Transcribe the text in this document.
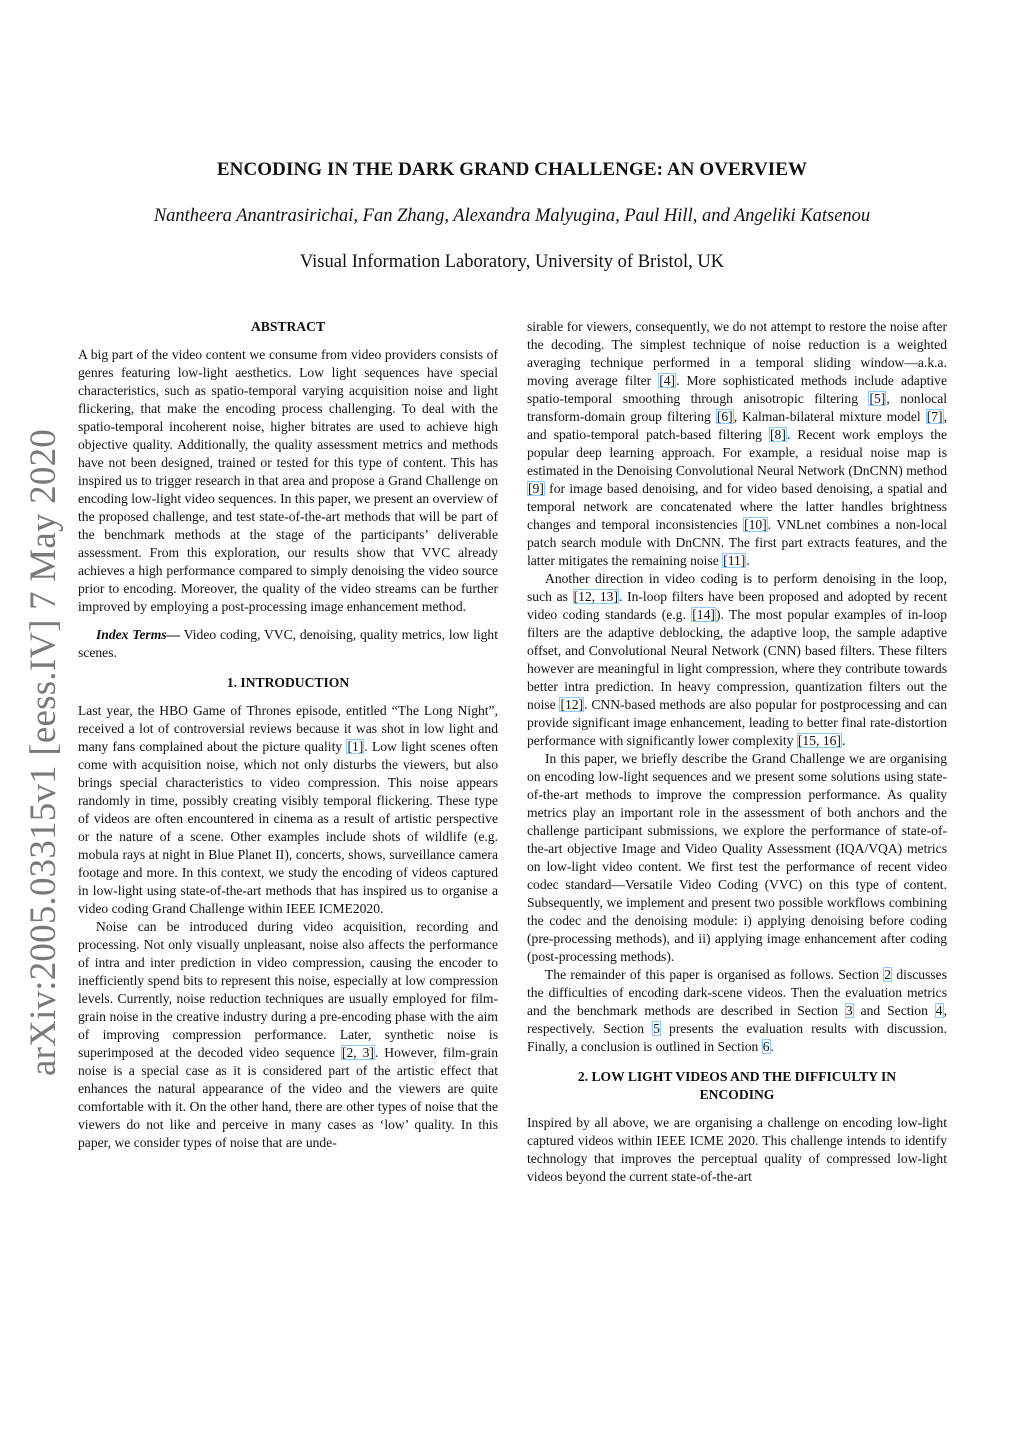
arXiv:2005.03315v1 [eess.IV] 7 May 2020
ENCODING IN THE DARK GRAND CHALLENGE: AN OVERVIEW
Nantheera Anantrasirichai, Fan Zhang, Alexandra Malyugina, Paul Hill, and Angeliki Katsenou
Visual Information Laboratory, University of Bristol, UK
ABSTRACT

A big part of the video content we consume from video providers consists of genres featuring low-light aesthetics. Low light sequences have special characteristics, such as spatio-temporal varying acquisition noise and light flickering, that make the encoding process challenging. To deal with the spatio-temporal incoherent noise, higher bitrates are used to achieve high objective quality. Additionally, the quality assessment metrics and methods have not been designed, trained or tested for this type of content. This has inspired us to trigger research in that area and propose a Grand Challenge on encoding low-light video sequences. In this paper, we present an overview of the proposed challenge, and test state-of-the-art methods that will be part of the benchmark methods at the stage of the participants’ deliverable assessment. From this exploration, our results show that VVC already achieves a high performance compared to simply denoising the video source prior to encoding. Moreover, the quality of the video streams can be further improved by employing a post-processing image enhancement method.

Index Terms— Video coding, VVC, denoising, quality metrics, low light scenes.

1. INTRODUCTION

Last year, the HBO Game of Thrones episode, entitled “The Long Night”, received a lot of controversial reviews because it was shot in low light and many fans complained about the picture quality [1]. Low light scenes often come with acquisition noise, which not only disturbs the viewers, but also brings special characteristics to video compression. This noise appears randomly in time, possibly creating visibly temporal flickering. These type of videos are often encountered in cinema as a result of artistic perspective or the nature of a scene. Other examples include shots of wildlife (e.g. mobula rays at night in Blue Planet II), concerts, shows, surveillance camera footage and more. In this context, we study the encoding of videos captured in low-light using state-of-the-art methods that has inspired us to organise a video coding Grand Challenge within IEEE ICME2020.

Noise can be introduced during video acquisition, recording and processing. Not only visually unpleasant, noise also affects the performance of intra and inter prediction in video compression, causing the encoder to inefficiently spend bits to represent this noise, especially at low compression levels. Currently, noise reduction techniques are usually employed for film-grain noise in the creative industry during a pre-encoding phase with the aim of improving compression performance. Later, synthetic noise is superimposed at the decoded video sequence [2, 3]. However, film-grain noise is a special case as it is considered part of the artistic effect that enhances the natural appearance of the video and the viewers are quite comfortable with it. On the other hand, there are other types of noise that the viewers do not like and perceive in many cases as ‘low’ quality. In this paper, we consider types of noise that are unde-

sirable for viewers, consequently, we do not attempt to restore the noise after the decoding. The simplest technique of noise reduction is a weighted averaging technique performed in a temporal sliding window—a.k.a. moving average filter [4]. More sophisticated methods include adaptive spatio-temporal smoothing through anisotropic filtering [5], nonlocal transform-domain group filtering [6], Kalman-bilateral mixture model [7], and spatio-temporal patch-based filtering [8]. Recent work employs the popular deep learning approach. For example, a residual noise map is estimated in the Denoising Convolutional Neural Network (DnCNN) method [9] for image based denoising, and for video based denoising, a spatial and temporal network are concatenated where the latter handles brightness changes and temporal inconsistencies [10]. VNLnet combines a non-local patch search module with DnCNN. The first part extracts features, and the latter mitigates the remaining noise [11].

Another direction in video coding is to perform denoising in the loop, such as [12, 13]. In-loop filters have been proposed and adopted by recent video coding standards (e.g. [14]). The most popular examples of in-loop filters are the adaptive deblocking, the adaptive loop, the sample adaptive offset, and Convolutional Neural Network (CNN) based filters. These filters however are meaningful in light compression, where they contribute towards better intra prediction. In heavy compression, quantization filters out the noise [12]. CNN-based methods are also popular for postprocessing and can provide significant image enhancement, leading to better final rate-distortion performance with significantly lower complexity [15, 16].

In this paper, we briefly describe the Grand Challenge we are organising on encoding low-light sequences and we present some solutions using state-of-the-art methods to improve the compression performance. As quality metrics play an important role in the assessment of both anchors and the challenge participant submissions, we explore the performance of state-of-the-art objective Image and Video Quality Assessment (IQA/VQA) metrics on low-light video content. We first test the performance of recent video codec standard—Versatile Video Coding (VVC) on this type of content. Subsequently, we implement and present two possible workflows combining the codec and the denoising module: i) applying denoising before coding (pre-processing methods), and ii) applying image enhancement after coding (post-processing methods).

The remainder of this paper is organised as follows. Section 2 discusses the difficulties of encoding dark-scene videos. Then the evaluation metrics and the benchmark methods are described in Section 3 and Section 4, respectively. Section 5 presents the evaluation results with discussion. Finally, a conclusion is outlined in Section 6.

2. LOW LIGHT VIDEOS AND THE DIFFICULTY IN
ENCODING

Inspired by all above, we are organising a challenge on encoding low-light captured videos within IEEE ICME 2020. This challenge intends to identify technology that improves the perceptual quality of compressed low-light videos beyond the current state-of-the-art
